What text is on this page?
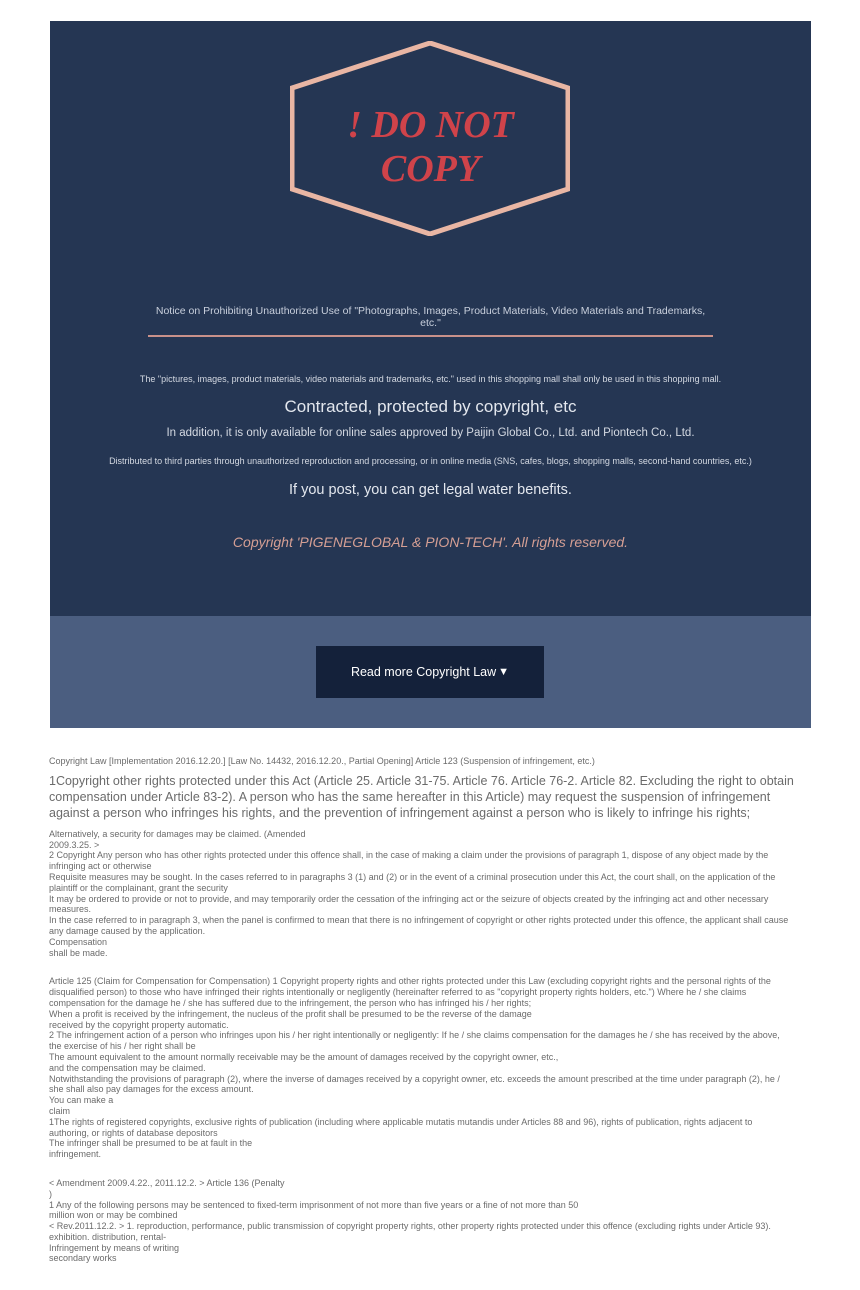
! DO NOT
COPY
Notice on Prohibiting Unauthorized Use of "Photographs, Images, Product Materials, Video Materials and Trademarks, etc."
The "pictures, images, product materials, video materials and trademarks, etc." used in this shopping mall shall only be used in this shopping mall.
Contracted, protected by copyright, etc
In addition, it is only available for online sales approved by Paijin Global Co., Ltd. and Piontech Co., Ltd.
Distributed to third parties through unauthorized reproduction and processing, or in online media (SNS, cafes, blogs, shopping malls, second-hand countries, etc.)
If you post, you can get legal water benefits.
Copyright 'PIGENEGLOBAL & PION-TECH'. All rights reserved.
Read more Copyright Law ▼

Copyright Law [Implementation 2016.12.20.] [Law No. 14432, 2016.12.20., Partial Opening] Article 123 (Suspension of infringement, etc.)

1Copyright other rights protected under this Act (Article 25. Article 31-75. Article 76. Article 76-2. Article 82. Excluding the right to obtain compensation under Article 83-2). A person who has the same hereafter in this Article) may request the suspension of infringement against a person who infringes his rights, and the prevention of infringement against a person who is likely to infringe his rights;

Alternatively, a security for damages may be claimed. (Amended

2009.3.25. >

2 Copyright Any person who has other rights protected under this offence shall, in the case of making a claim under the provisions of paragraph 1, dispose of any object made by the infringing act or otherwise

Requisite measures may be sought. In the cases referred to in paragraphs 3 (1) and (2) or in the event of a criminal prosecution under this Act, the court shall, on the application of the plaintiff or the complainant, grant the security

It may be ordered to provide or not to provide, and may temporarily order the cessation of the infringing act or the seizure of objects created by the infringing act and other necessary measures.

In the case referred to in paragraph 3, when the panel is confirmed to mean that there is no infringement of copyright or other rights protected under this offence, the applicant shall cause any damage caused by the application.

Compensation

shall be made.

Article 125 (Claim for Compensation for Compensation) 1 Copyright property rights and other rights protected under this Law (excluding copyright rights and the personal rights of the disqualified person) to those who have infringed their rights intentionally or negligently (hereinafter referred to as "copyright property rights holders, etc.") Where he / she claims compensation for the damage he / she has suffered due to the infringement, the person who has infringed his / her rights;

When a profit is received by the infringement, the nucleus of the profit shall be presumed to be the reverse of the damage

received by the copyright property automatic.

2 The infringement action of a person who infringes upon his / her right intentionally or negligently: If he / she claims compensation for the damages he / she has received by the above, the exercise of his / her right shall be

The amount equivalent to the amount normally receivable may be the amount of damages received by the copyright owner, etc.,

and the compensation may be claimed.

Notwithstanding the provisions of paragraph (2), where the inverse of damages received by a copyright owner, etc. exceeds the amount prescribed at the time under paragraph (2), he / she shall also pay damages for the excess amount.

You can make a

claim

1The rights of registered copyrights, exclusive rights of publication (including where applicable mutatis mutandis under Articles 88 and 96), rights of publication, rights adjacent to authoring, or rights of database depositors

The infringer shall be presumed to be at fault in the

infringement.

< Amendment 2009.4.22., 2011.12.2. > Article 136 (Penalty

)

1 Any of the following persons may be sentenced to fixed-term imprisonment of not more than five years or a fine of not more than 50

million won or may be combined

< Rev.2011.12.2. > 1. reproduction, performance, public transmission of copyright property rights, other property rights protected under this offence (excluding rights under Article 93). exhibition. distribution, rental-

Infringement by means of writing

secondary works
